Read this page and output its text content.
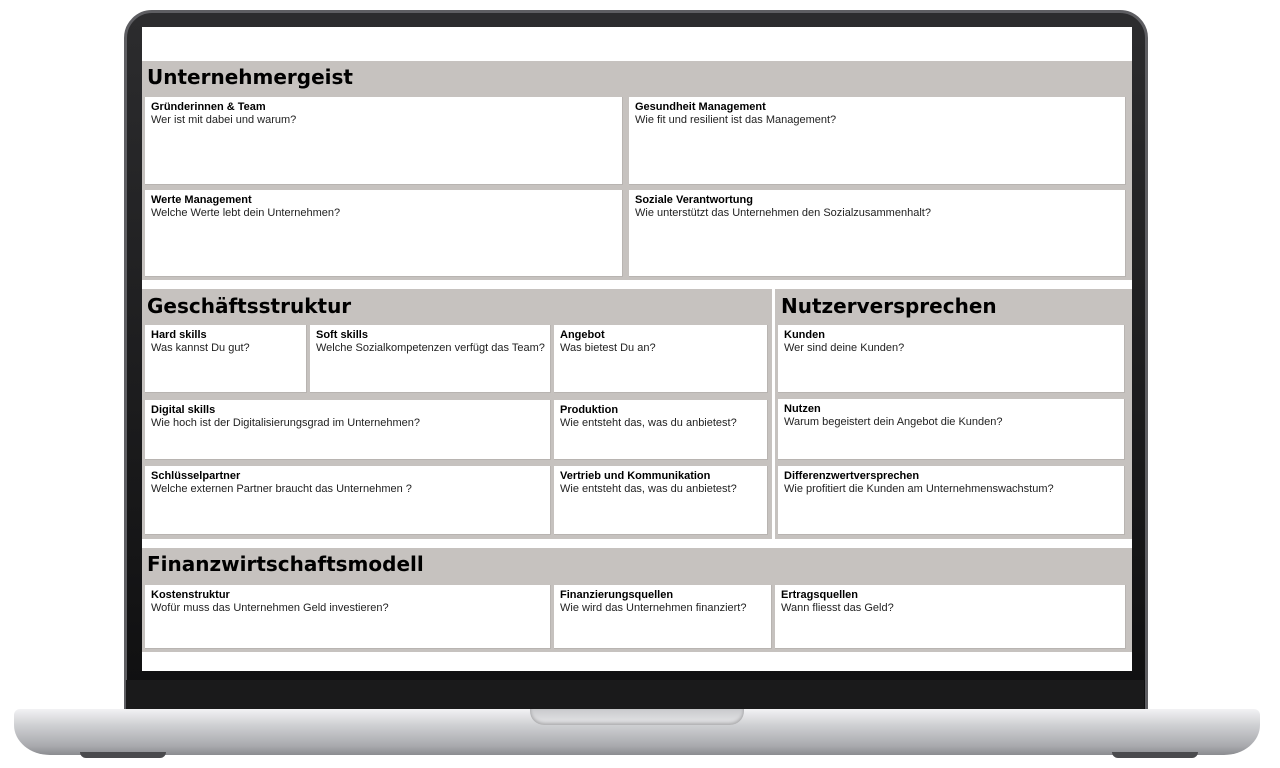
Unternehmergeist
Gründerinnen & Team
Wer ist mit dabei und warum?
Gesundheit Management
Wie fit und resilient ist das Management?
Werte Management
Welche Werte lebt dein Unternehmen?
Soziale Verantwortung
Wie unterstützt das Unternehmen den Sozialzusammenhalt?
Geschäftsstruktur
Hard skills
Was kannst Du gut?
Soft skills
Welche Sozialkompetenzen verfügt das Team?
Angebot
Was bietest Du an?
Digital skills
Wie hoch ist der Digitalisierungsgrad im Unternehmen?
Produktion
Wie entsteht das, was du anbietest?
Schlüsselpartner
Welche externen Partner braucht das Unternehmen ?
Vertrieb und Kommunikation
Wie entsteht das, was du anbietest?
Nutzerversprechen
Kunden
Wer sind deine Kunden?
Nutzen
Warum begeistert dein Angebot die Kunden?
Differenzwertversprechen
Wie profitiert die Kunden am Unternehmenswachstum?
Finanzwirtschaftsmodell
Kostenstruktur
Wofür muss das Unternehmen Geld investieren?
Finanzierungsquellen
Wie wird das Unternehmen finanziert?
Ertragsquellen
Wann fliesst das Geld?
